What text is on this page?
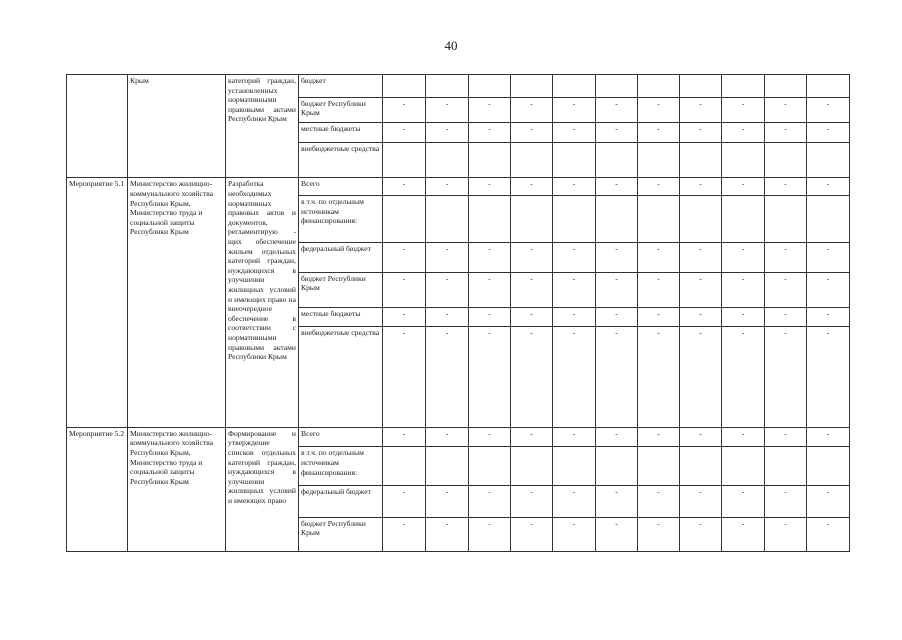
40
	Крым	категорий граждан, установленных нормативными правовыми актами Республики Крым	бюджет											
			бюджет Республики Крым	-	-	-	-	-	-	-	-	-	-	-
			местные бюджеты	-	-	-	-	-	-	-	-	-	-	-
			внебюджетные средства											
Мероприятие 5.1	Министерство жилищно-коммунального хозяйства Республики Крым, Министерство труда и социальной защиты Республики Крым	Разработка необходимых нормативных правовых актов и документов, регламентирую - щих обеспечение жильем отдельных категорий граждан, нуждающихся в улучшении жилищных условий и имеющих право на внеочередное обеспечение в соответствии с нормативными правовыми актами Республики Крым	Всего	-	-	-	-	-	-	-	-	-	-	-
			в т.ч. по отдельным источникам финансирования:											
			федеральный бюджет	-	-	-	-	-	-	-	-	-	-	-
			бюджет Республики Крым	-	-	-	-	-	-	-	-	-	-	-
			местные бюджеты	-	-	-	-	-	-	-	-	-	-	-
			внебюджетные средства	-	-	-	-	-	-	-	-	-	-	-
Мероприятие 5.2	Министерство жилищно-коммунального хозяйства Республики Крым, Министерство труда и социальной защиты Республики Крым	Формирование и утверждение списков отдельных категорий граждан, нуждающихся в улучшении жилищных условий и имеющих право	Всего	-	-	-	-	-	-	-	-	-	-	-
			в т.ч. по отдельным источникам финансирования:											
			федеральный бюджет	-	-	-	-	-	-	-	-	-	-	-
			бюджет Республики Крым	-	-	-	-	-	-	-	-	-	-	-
